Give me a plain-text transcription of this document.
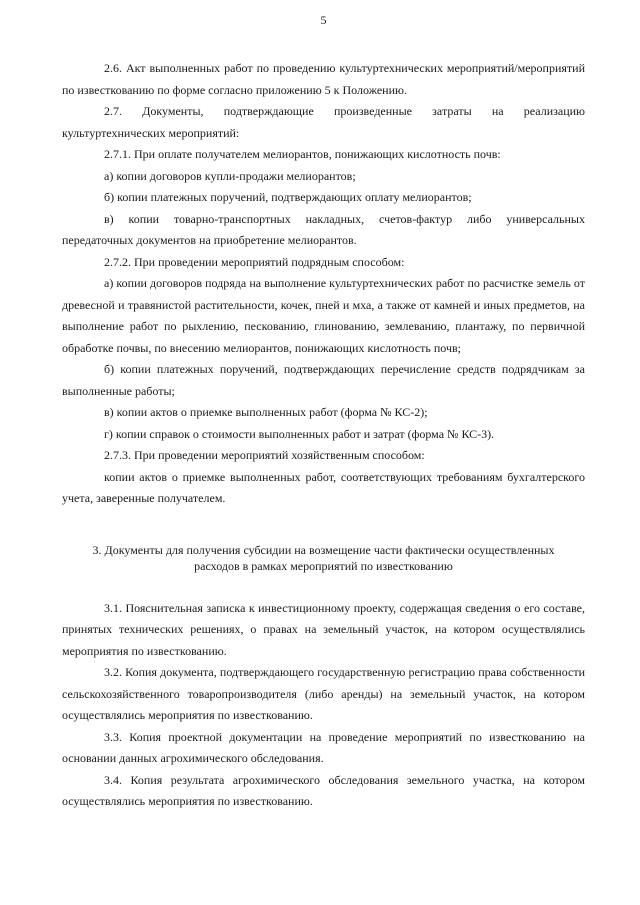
5

2.6. Акт выполненных работ по проведению культуртехнических мероприятий/мероприятий по известкованию по форме согласно приложению 5 к Положению.

2.7. Документы, подтверждающие произведенные затраты на реализацию культуртехнических мероприятий:

2.7.1. При оплате получателем мелиорантов, понижающих кислотность почв:

а) копии договоров купли-продажи мелиорантов;

б) копии платежных поручений, подтверждающих оплату мелиорантов;

в) копии товарно-транспортных накладных, счетов-фактур либо универсальных передаточных документов на приобретение мелиорантов.

2.7.2. При проведении мероприятий подрядным способом:

а) копии договоров подряда на выполнение культуртехнических работ по расчистке земель от древесной и травянистой растительности, кочек, пней и мха, а также от камней и иных предметов, на выполнение работ по рыхлению, пескованию, глинованию, землеванию, плантажу, по первичной обработке почвы, по внесению мелиорантов, понижающих кислотность почв;

б) копии платежных поручений, подтверждающих перечисление средств подрядчикам за выполненные работы;

в) копии актов о приемке выполненных работ (форма № КС-2);

г) копии справок о стоимости выполненных работ и затрат (форма № КС-3).

2.7.3. При проведении мероприятий хозяйственным способом:

копии актов о приемке выполненных работ, соответствующих требованиям бухгалтерского учета, заверенные получателем.

3. Документы для получения субсидии на возмещение части фактически осуществленных
расходов в рамках мероприятий по известкованию

3.1. Пояснительная записка к инвестиционному проекту, содержащая сведения о его составе, принятых технических решениях, о правах на земельный участок, на котором осуществлялись мероприятия по известкованию.

3.2. Копия документа, подтверждающего государственную регистрацию права собственности сельскохозяйственного товаропроизводителя (либо аренды) на земельный участок, на котором осуществлялись мероприятия по известкованию.

3.3. Копия проектной документации на проведение мероприятий по известкованию на основании данных агрохимического обследования.

3.4. Копия результата агрохимического обследования земельного участка, на котором осуществлялись мероприятия по известкованию.
